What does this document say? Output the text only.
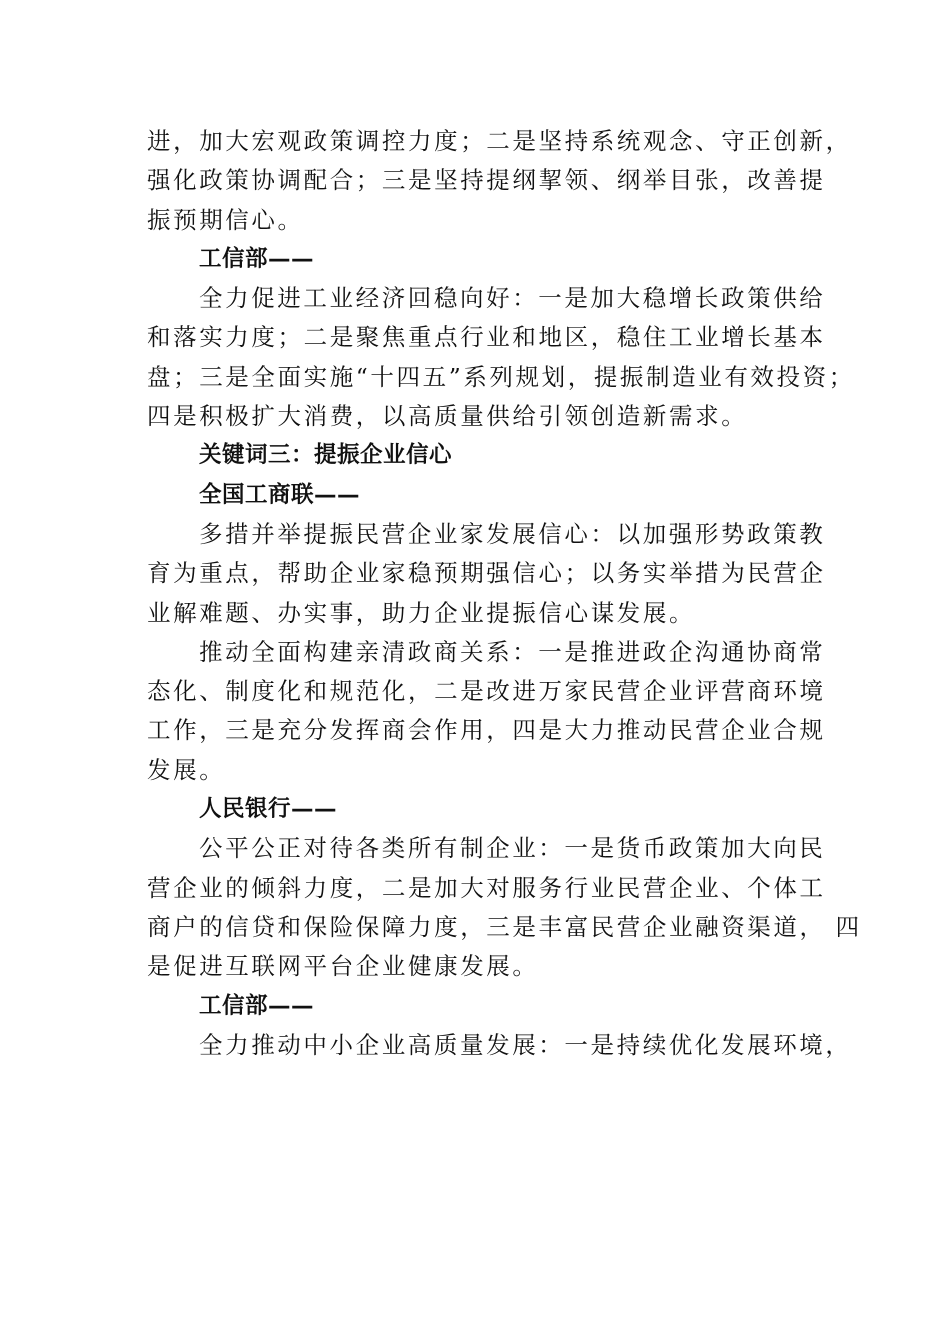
进，加大宏观政策调控力度；二是坚持系统观念、守正创新，
强化政策协调配合；三是坚持提纲挈领、纲举目张，改善提
振预期信心。
工信部——
全力促进工业经济回稳向好：一是加大稳增长政策供给
和落实力度；二是聚焦重点行业和地区，稳住工业增长基本
盘；三是全面实施“十四五”系列规划，提振制造业有效投资；
四是积极扩大消费，以高质量供给引领创造新需求。
关键词三：提振企业信心
全国工商联——
多措并举提振民营企业家发展信心：以加强形势政策教
育为重点，帮助企业家稳预期强信心；以务实举措为民营企
业解难题、办实事，助力企业提振信心谋发展。
推动全面构建亲清政商关系：一是推进政企沟通协商常
态化、制度化和规范化，二是改进万家民营企业评营商环境
工作，三是充分发挥商会作用，四是大力推动民营企业合规
发展。
人民银行——
公平公正对待各类所有制企业：一是货币政策加大向民
营企业的倾斜力度，二是加大对服务行业民营企业、个体工
商户的信贷和保险保障力度，三是丰富民营企业融资渠道， 四
是促进互联网平台企业健康发展。
工信部——
全力推动中小企业高质量发展：一是持续优化发展环境，
